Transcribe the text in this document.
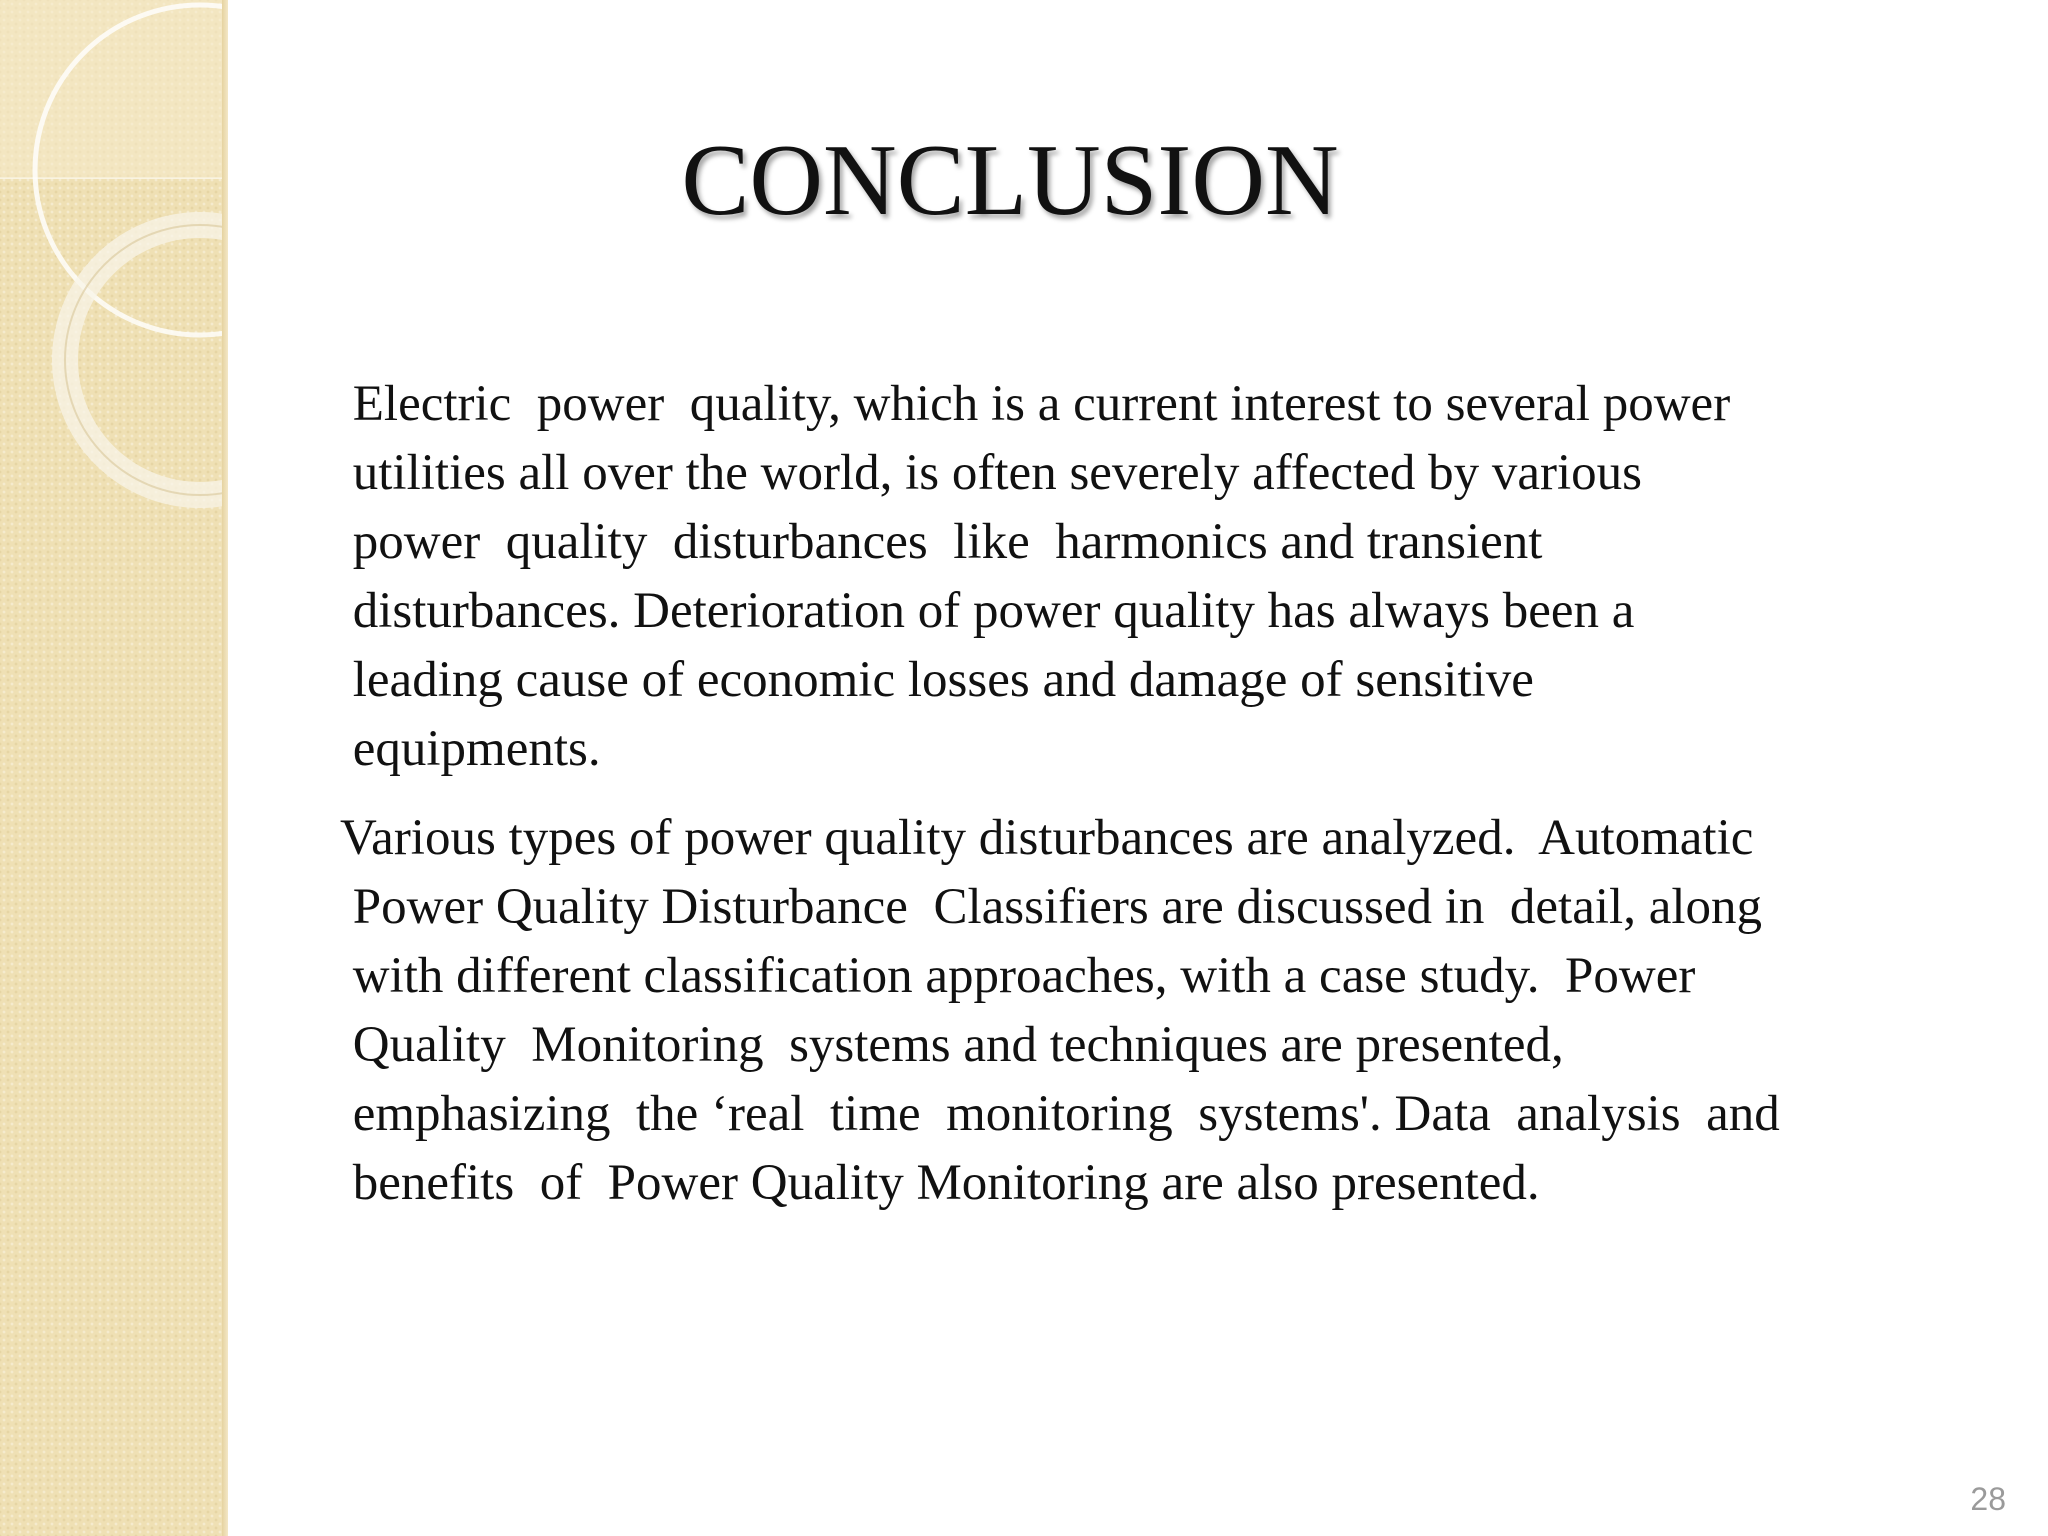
CONCLUSION
Electric  power  quality, which is a current interest to several power
utilities all over the world, is often severely affected by various
power  quality  disturbances  like  harmonics and transient
disturbances. Deterioration of power quality has always been a
leading cause of economic losses and damage of sensitive
equipments.
Various types of power quality disturbances are analyzed.  Automatic
Power Quality Disturbance  Classifiers are discussed in  detail, along
with different classification approaches, with a case study.  Power
Quality  Monitoring  systems and techniques are presented,
emphasizing  the ‘real  time  monitoring  systems'. Data  analysis  and
benefits  of  Power Quality Monitoring are also presented.
28
